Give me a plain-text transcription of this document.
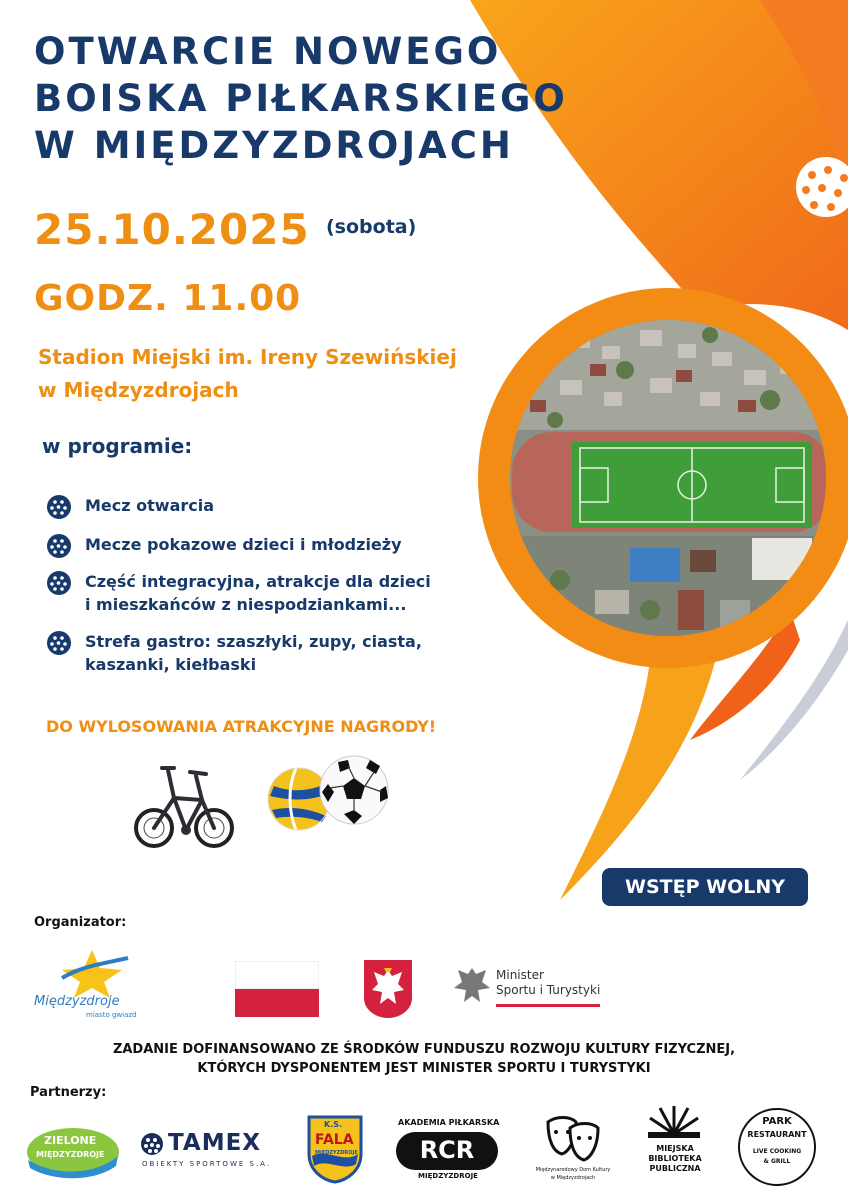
OTWARCIE NOWEGO
BOISKA PIŁKARSKIEGO
W MIĘDZYZDROJACH
25.10.2025 (sobota)
GODZ. 11.00
Stadion Miejski im. Ireny Szewińskiej
w Międzyzdrojach
w programie:
Mecz otwarcia
Mecze pokazowe dzieci i młodzieży
Część integracyjna, atrakcje dla dzieci
i mieszkańców z niespodziankami...
Strefa gastro: szaszłyki, zupy, ciasta,
kaszanki, kiełbaski
DO WYLOSOWANIA ATRAKCYJNE NAGRODY!
WSTĘP WOLNY
Organizator:
Międzyzdroje
miasto gwiazd
Minister
Sportu i Turystyki
ZADANIE DOFINANSOWANO ZE ŚRODKÓW FUNDUSZU ROZWOJU KULTURY FIZYCZNEJ,
KTÓRYCH DYSPONENTEM JEST MINISTER SPORTU I TURYSTYKI
Partnerzy:
ZIELONE
MIĘDZYZDROJE	TAMEX
OBIEKTY SPORTOWE S.A.
K.S.
FALA
MIĘDZYZDROJE
AKADEMIA PIŁKARSKA
RCR
MIĘDZYZDROJE
Międzynarodowy Dom Kultury
w Międzyzdrojach
MIEJSKA
BIBLIOTEKA
PUBLICZNA
PARK
RESTAURANT
LIVE COOKING
& GRILL
